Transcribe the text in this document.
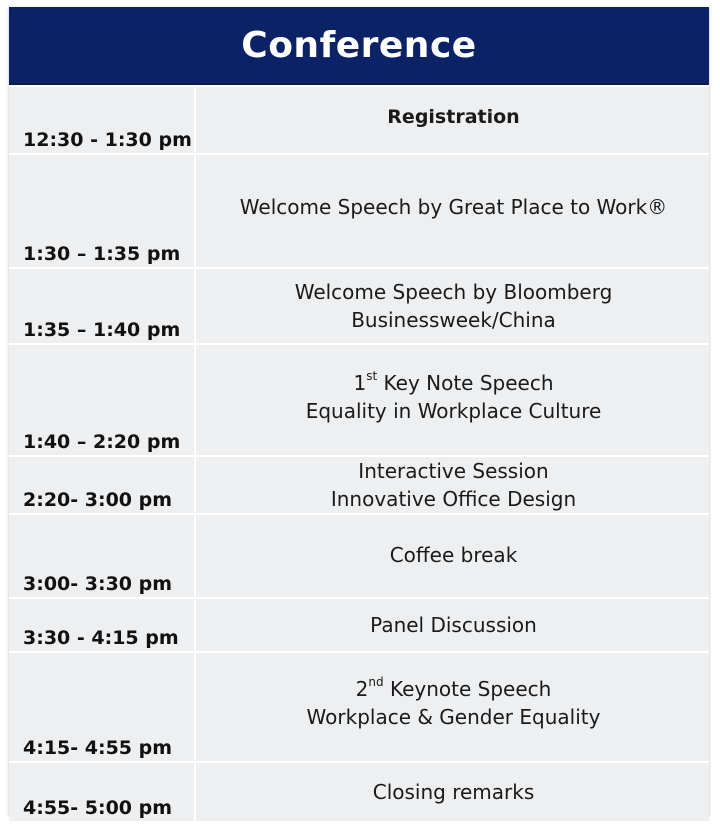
Conference
12:30 - 1:30 pm
Registration
1:30 – 1:35 pm
Welcome Speech by Great Place to Work®
1:35 – 1:40 pm
Welcome Speech by Bloomberg
Businessweek/China
1:40 – 2:20 pm
1st Key Note Speech
Equality in Workplace Culture
2:20- 3:00 pm
Interactive Session
Innovative Office Design
3:00- 3:30 pm
Coffee break
3:30 - 4:15 pm
Panel Discussion
4:15- 4:55 pm
2nd Keynote Speech
Workplace & Gender Equality
4:55- 5:00 pm
Closing remarks
